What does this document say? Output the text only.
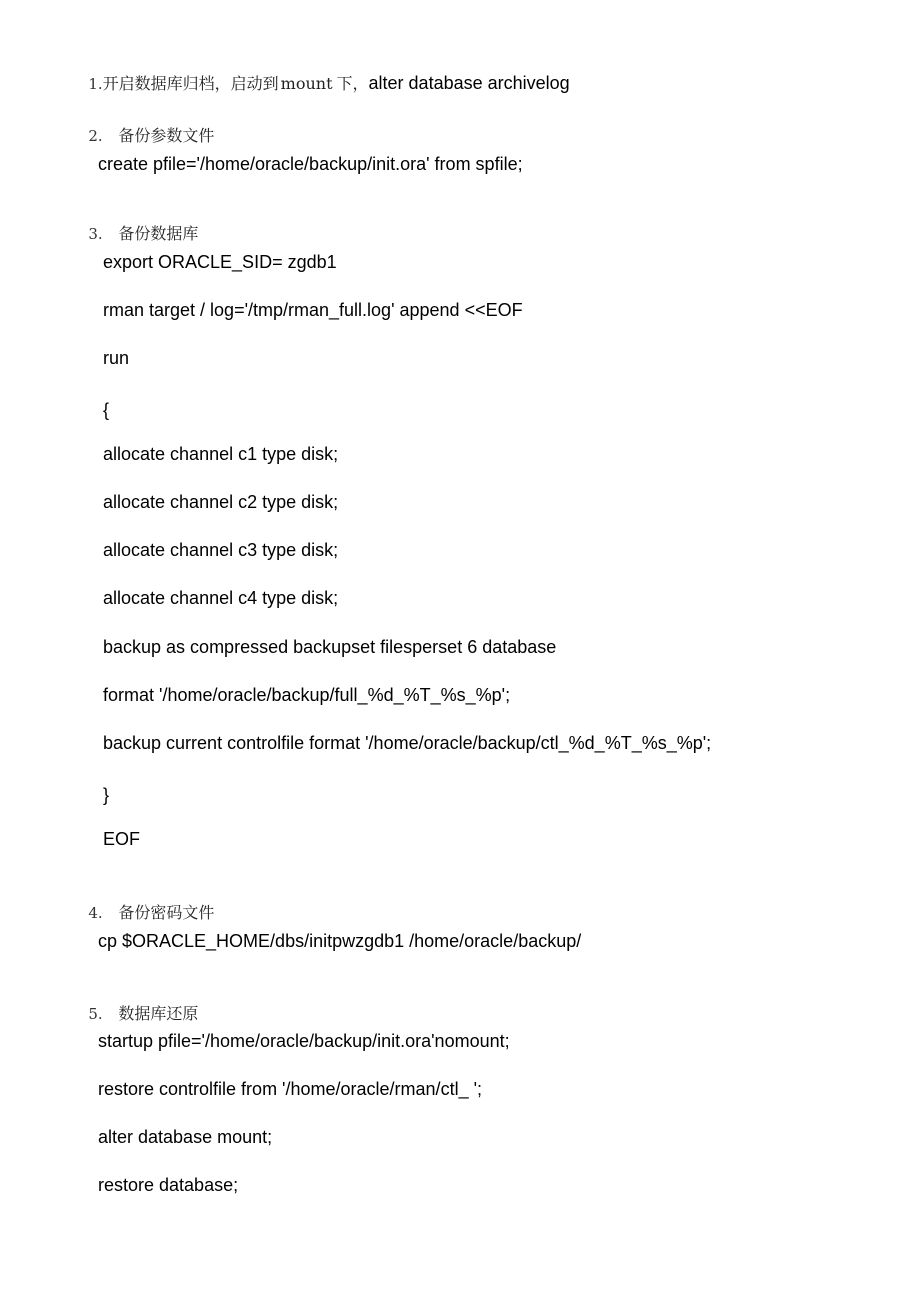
1.开启数据库归档，启动到 mount 下，alter database archivelog

2. 备份参数文件

create pfile='/home/oracle/backup/init.ora' from spfile;

3. 备份数据库

export ORACLE_SID= zgdb1
rman target / log='/tmp/rman_full.log' append <<EOF
run
{
allocate channel c1 type disk;
allocate channel c2 type disk;
allocate channel c3 type disk;
allocate channel c4 type disk;
backup as compressed backupset filesperset 6 database
format '/home/oracle/backup/full_%d_%T_%s_%p';
backup current controlfile format '/home/oracle/backup/ctl_%d_%T_%s_%p';
}
EOF

4. 备份密码文件

cp $ORACLE_HOME/dbs/initpwzgdb1 /home/oracle/backup/

5. 数据库还原

startup pfile='/home/oracle/backup/init.ora'nomount;
restore controlfile from '/home/oracle/rman/ctl_ ';
alter database mount;
restore database;
